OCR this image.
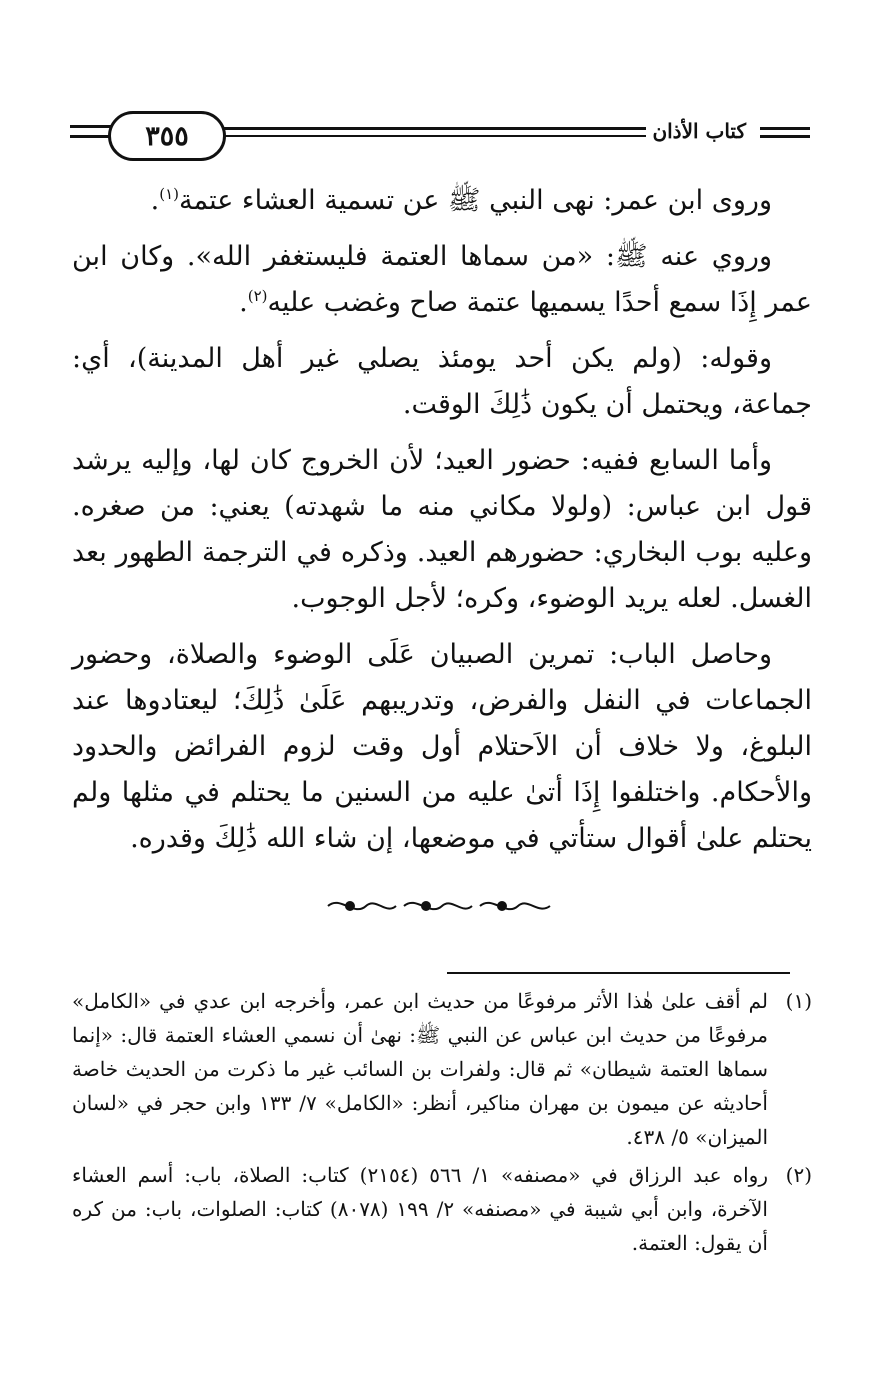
٣٥٥	كتاب الأذان

وروى ابن عمر: نهى النبي ﷺ عن تسمية العشاء عتمة$^{(١)}$.

وروي عنه ﷺ: «من سماها العتمة فليستغفر الله». وكان ابن عمر إِذَا سمع أحدًا يسميها عتمة صاح وغضب عليه$^{(٢)}$.

وقوله: (ولم يكن أحد يومئذ يصلي غير أهل المدينة)، أي: جماعة، ويحتمل أن يكون ذَٰلِكَ الوقت.

وأما السابع ففيه: حضور العيد؛ لأن الخروج كان لها، وإليه يرشد قول ابن عباس: (ولولا مكاني منه ما شهدته) يعني: من صغره. وعليه بوب البخاري: حضورهم العيد. وذكره في الترجمة الطهور بعد الغسل. لعله يريد الوضوء، وكره؛ لأجل الوجوب.

وحاصل الباب: تمرين الصبيان عَلَى الوضوء والصلاة، وحضور الجماعات في النفل والفرض، وتدريبهم عَلَىٰ ذَٰلِكَ؛ ليعتادوها عند البلوغ، ولا خلاف أن الاَحتلام أول وقت لزوم الفرائض والحدود والأحكام. واختلفوا إِذَا أتىٰ عليه من السنين ما يحتلم في مثلها ولم يحتلم علىٰ أقوال ستأتي في موضعها، إن شاء الله ذَٰلِكَ وقدره.

(١)
لم أقف علىٰ هٰذا الأثر مرفوعًا من حديث ابن عمر، وأخرجه ابن عدي في «الكامل» مرفوعًا من حديث ابن عباس عن النبي ﷺ: نهىٰ أن نسمي العشاء العتمة قال: «إنما سماها العتمة شيطان» ثم قال: ولفرات بن السائب غير ما ذكرت من الحديث خاصة أحاديثه عن ميمون بن مهران مناكير، أنظر: «الكامل» ٧/ ١٣٣ وابن حجر في «لسان الميزان» ٥/ ٤٣٨.
(٢)
رواه عبد الرزاق في «مصنفه» ١/ ٥٦٦ (٢١٥٤) كتاب: الصلاة، باب: أسم العشاء الآخرة، وابن أبي شيبة في «مصنفه» ٢/ ١٩٩ (٨٠٧٨) كتاب: الصلوات، باب: من كره أن يقول: العتمة.
